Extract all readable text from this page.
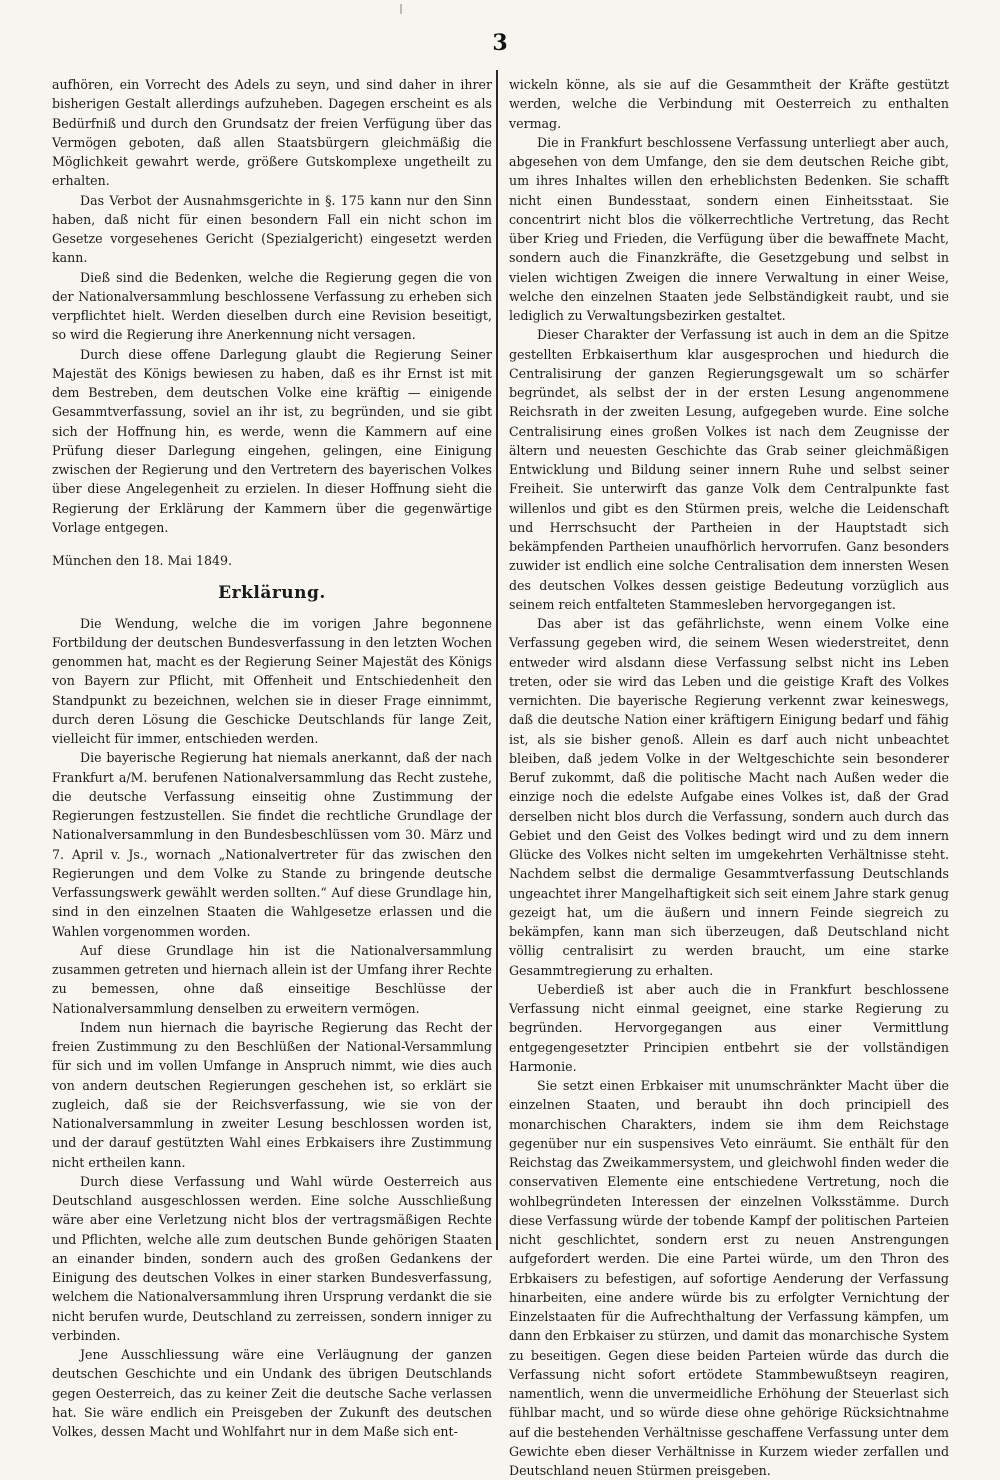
3

aufhören, ein Vorrecht des Adels zu seyn, und sind daher in ihrer bisherigen Gestalt allerdings aufzuheben. Dagegen erscheint es als Bedürfniß und durch den Grundsatz der freien Verfügung über das Vermögen geboten, daß allen Staatsbürgern gleichmäßig die Möglichkeit gewahrt werde, größere Gutskomplexe ungetheilt zu erhalten.

Das Verbot der Ausnahmsgerichte in §. 175 kann nur den Sinn haben, daß nicht für einen besondern Fall ein nicht schon im Gesetze vorgesehenes Gericht (Spezialgericht) eingesetzt werden kann.

Dieß sind die Bedenken, welche die Regierung gegen die von der Nationalversammlung beschlossene Verfassung zu erheben sich verpflichtet hielt. Werden dieselben durch eine Revision beseitigt, so wird die Regierung ihre Anerkennung nicht versagen.

Durch diese offene Darlegung glaubt die Regierung Seiner Majestät des Königs bewiesen zu haben, daß es ihr Ernst ist mit dem Bestreben, dem deutschen Volke eine kräftig — einigende Gesammtverfassung, soviel an ihr ist, zu begründen, und sie gibt sich der Hoffnung hin, es werde, wenn die Kammern auf eine Prüfung dieser Darlegung eingehen, gelingen, eine Einigung zwischen der Regierung und den Vertretern des bayerischen Volkes über diese Angelegenheit zu erzielen. In dieser Hoffnung sieht die Regierung der Erklärung der Kammern über die gegenwärtige Vorlage entgegen.

München den 18. Mai 1849.

Erklärung.

Die Wendung, welche die im vorigen Jahre begonnene Fortbildung der deutschen Bundesverfassung in den letzten Wochen genommen hat, macht es der Regierung Seiner Majestät des Königs von Bayern zur Pflicht, mit Offenheit und Entschiedenheit den Standpunkt zu bezeichnen, welchen sie in dieser Frage einnimmt, durch deren Lösung die Geschicke Deutschlands für lange Zeit, vielleicht für immer, entschieden werden.

Die bayerische Regierung hat niemals anerkannt, daß der nach Frankfurt a/M. berufenen Nationalversammlung das Recht zustehe, die deutsche Verfassung einseitig ohne Zustimmung der Regierungen festzustellen. Sie findet die rechtliche Grundlage der Nationalversammlung in den Bundesbeschlüssen vom 30. März und 7. April v. Js., wornach „Nationalvertreter für das zwischen den Regierungen und dem Volke zu Stande zu bringende deutsche Verfassungswerk gewählt werden sollten.“ Auf diese Grundlage hin, sind in den einzelnen Staaten die Wahlgesetze erlassen und die Wahlen vorgenommen worden.

Auf diese Grundlage hin ist die Nationalversammlung zusammen getreten und hiernach allein ist der Umfang ihrer Rechte zu bemessen, ohne daß einseitige Beschlüsse der Nationalversammlung denselben zu erweitern vermögen.

Indem nun hiernach die bayrische Regierung das Recht der freien Zustimmung zu den Beschlüßen der National-Versammlung für sich und im vollen Umfange in Anspruch nimmt, wie dies auch von andern deutschen Regierungen geschehen ist, so erklärt sie zugleich, daß sie der Reichsverfassung, wie sie von der Nationalversammlung in zweiter Lesung beschlossen worden ist, und der darauf gestützten Wahl eines Erbkaisers ihre Zustimmung nicht ertheilen kann.

Durch diese Verfassung und Wahl würde Oesterreich aus Deutschland ausgeschlossen werden. Eine solche Ausschließung wäre aber eine Verletzung nicht blos der vertragsmäßigen Rechte und Pflichten, welche alle zum deutschen Bunde gehörigen Staaten an einander binden, sondern auch des großen Gedankens der Einigung des deutschen Volkes in einer starken Bundesverfassung, welchem die Nationalversammlung ihren Ursprung verdankt die sie nicht berufen wurde, Deutschland zu zerreissen, sondern inniger zu verbinden.

Jene Ausschliessung wäre eine Verläugnung der ganzen deutschen Geschichte und ein Undank des übrigen Deutschlands gegen Oesterreich, das zu keiner Zeit die deutsche Sache verlassen hat. Sie wäre endlich ein Preisgeben der Zukunft des deutschen Volkes, dessen Macht und Wohlfahrt nur in dem Maße sich ent-

wickeln könne, als sie auf die Gesammtheit der Kräfte gestützt werden, welche die Verbindung mit Oesterreich zu enthalten vermag.

Die in Frankfurt beschlossene Verfassung unterliegt aber auch, abgesehen von dem Umfange, den sie dem deutschen Reiche gibt, um ihres Inhaltes willen den erheblichsten Bedenken. Sie schafft nicht einen Bundesstaat, sondern einen Einheitsstaat. Sie concentrirt nicht blos die völkerrechtliche Vertretung, das Recht über Krieg und Frieden, die Verfügung über die bewaffnete Macht, sondern auch die Finanzkräfte, die Gesetzgebung und selbst in vielen wichtigen Zweigen die innere Verwaltung in einer Weise, welche den einzelnen Staaten jede Selbständigkeit raubt, und sie lediglich zu Verwaltungsbezirken gestaltet.

Dieser Charakter der Verfassung ist auch in dem an die Spitze gestellten Erbkaiserthum klar ausgesprochen und hiedurch die Centralisirung der ganzen Regierungsgewalt um so schärfer begründet, als selbst der in der ersten Lesung angenommene Reichsrath in der zweiten Lesung, aufgegeben wurde. Eine solche Centralisirung eines großen Volkes ist nach dem Zeugnisse der ältern und neuesten Geschichte das Grab seiner gleichmäßigen Entwicklung und Bildung seiner innern Ruhe und selbst seiner Freiheit. Sie unterwirft das ganze Volk dem Centralpunkte fast willenlos und gibt es den Stürmen preis, welche die Leidenschaft und Herrschsucht der Partheien in der Hauptstadt sich bekämpfenden Partheien unaufhörlich hervorrufen. Ganz besonders zuwider ist endlich eine solche Centralisation dem innersten Wesen des deutschen Volkes dessen geistige Bedeutung vorzüglich aus seinem reich entfalteten Stammesleben hervorgegangen ist.

Das aber ist das gefährlichste, wenn einem Volke eine Verfassung gegeben wird, die seinem Wesen wiederstreitet, denn entweder wird alsdann diese Verfassung selbst nicht ins Leben treten, oder sie wird das Leben und die geistige Kraft des Volkes vernichten. Die bayerische Regierung verkennt zwar keineswegs, daß die deutsche Nation einer kräftigern Einigung bedarf und fähig ist, als sie bisher genoß. Allein es darf auch nicht unbeachtet bleiben, daß jedem Volke in der Weltgeschichte sein besonderer Beruf zukommt, daß die politische Macht nach Außen weder die einzige noch die edelste Aufgabe eines Volkes ist, daß der Grad derselben nicht blos durch die Verfassung, sondern auch durch das Gebiet und den Geist des Volkes bedingt wird und zu dem innern Glücke des Volkes nicht selten im umgekehrten Verhältnisse steht. Nachdem selbst die dermalige Gesammtverfassung Deutschlands ungeachtet ihrer Mangelhaftigkeit sich seit einem Jahre stark genug gezeigt hat, um die äußern und innern Feinde siegreich zu bekämpfen, kann man sich überzeugen, daß Deutschland nicht völlig centralisirt zu werden braucht, um eine starke Gesammtregierung zu erhalten.

Ueberdieß ist aber auch die in Frankfurt beschlossene Verfassung nicht einmal geeignet, eine starke Regierung zu begründen. Hervorgegangen aus einer Vermittlung entgegengesetzter Principien entbehrt sie der vollständigen Harmonie.

Sie setzt einen Erbkaiser mit unumschränkter Macht über die einzelnen Staaten, und beraubt ihn doch principiell des monarchischen Charakters, indem sie ihm dem Reichstage gegenüber nur ein suspensives Veto einräumt. Sie enthält für den Reichstag das Zweikammersystem, und gleichwohl finden weder die conservativen Elemente eine entschiedene Vertretung, noch die wohlbegründeten Interessen der einzelnen Volksstämme. Durch diese Verfassung würde der tobende Kampf der politischen Parteien nicht geschlichtet, sondern erst zu neuen Anstrengungen aufgefordert werden. Die eine Partei würde, um den Thron des Erbkaisers zu befestigen, auf sofortige Aenderung der Verfassung hinarbeiten, eine andere würde bis zu erfolgter Vernichtung der Einzelstaaten für die Aufrechthaltung der Verfassung kämpfen, um dann den Erbkaiser zu stürzen, und damit das monarchische System zu beseitigen. Gegen diese beiden Parteien würde das durch die Verfassung nicht sofort ertödete Stammbewußtseyn reagiren, namentlich, wenn die unvermeidliche Erhöhung der Steuerlast sich fühlbar macht, und so würde diese ohne gehörige Rücksichtnahme auf die bestehenden Verhältnisse geschaffene Verfassung unter dem Gewichte eben dieser Verhältnisse in Kurzem wieder zerfallen und Deutschland neuen Stürmen preisgeben.
